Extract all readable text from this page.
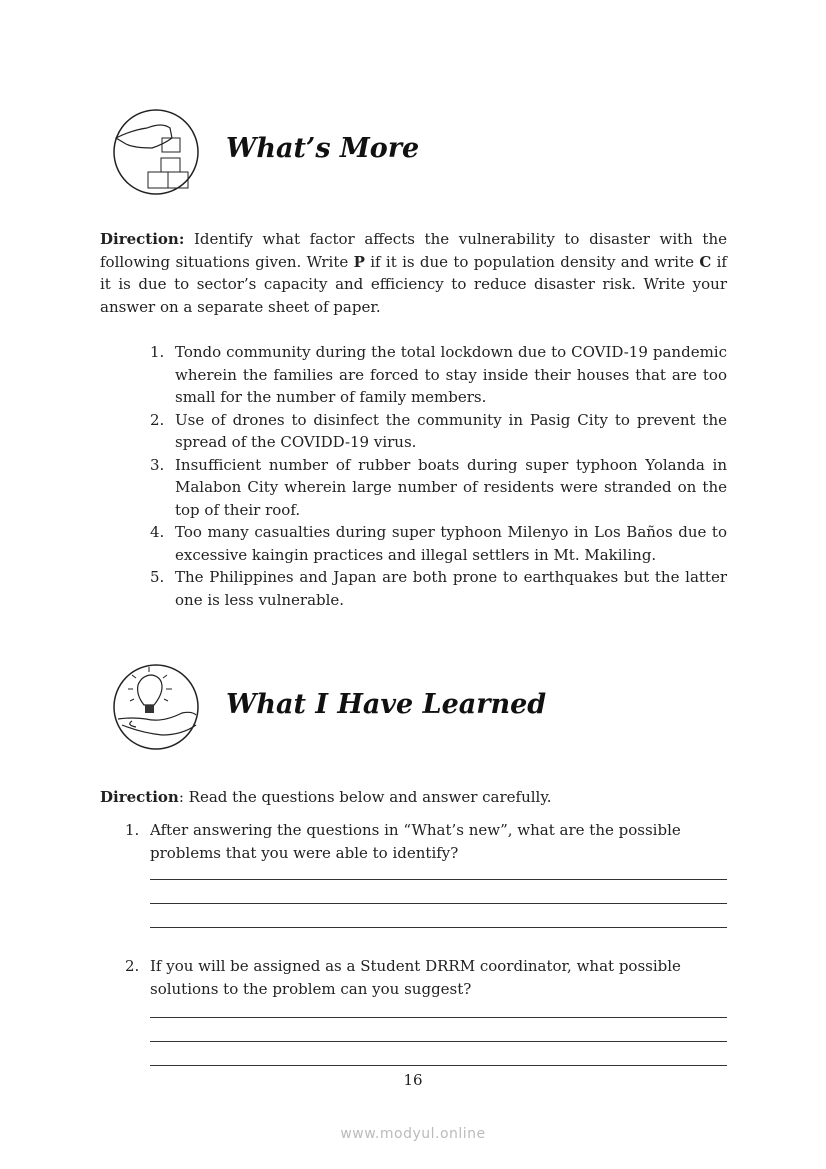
What’s More
Direction: Identify what factor affects the vulnerability to disaster with the following situations given. Write P if it is due to population density and write C if it is due to sector’s capacity and efficiency to reduce disaster risk. Write your answer on a separate sheet of paper.
1. Tondo community during the total lockdown due to COVID-19 pandemic wherein the families are forced to stay inside their houses that are too small for the number of family members.
2. Use of drones to disinfect the community in Pasig City to prevent the spread of the COVIDD-19 virus.
3. Insufficient number of rubber boats during super typhoon Yolanda in Malabon City wherein large number of residents were stranded on the top of their roof.
4. Too many casualties during super typhoon Milenyo in Los Baños due to excessive kaingin practices and illegal settlers in Mt. Makiling.
5. The Philippines and Japan are both prone to earthquakes but the latter one is less vulnerable.
What I Have Learned
Direction: Read the questions below and answer carefully.
1. After answering the questions in “What’s new”, what are the possible problems that you were able to identify?
2. If you will be assigned as a Student DRRM coordinator, what possible solutions to the problem can you suggest?
16
www.modyul.online
